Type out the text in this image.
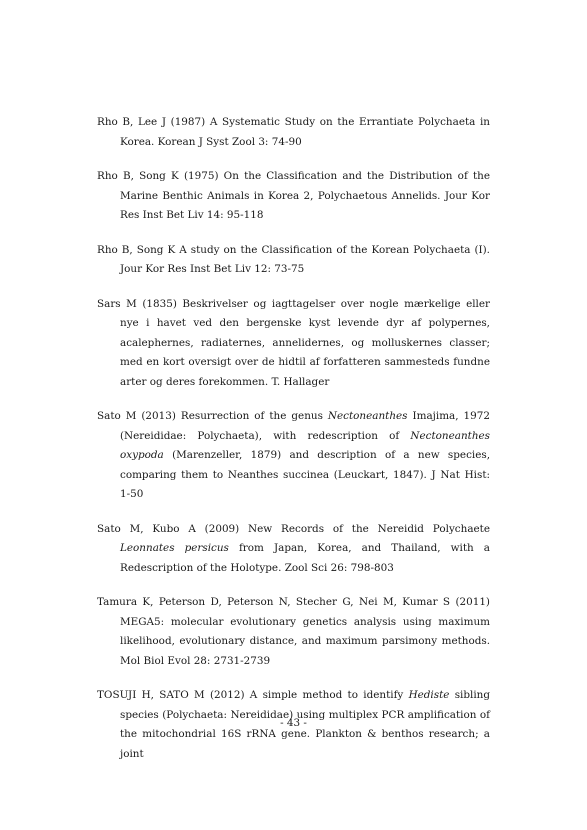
Rho B, Lee J (1987) A Systematic Study on the Errantiate Polychaeta in Korea. Korean J Syst Zool 3: 74-90

Rho B, Song K (1975) On the Classification and the Distribution of the Marine Benthic Animals in Korea 2, Polychaetous Annelids. Jour Kor Res Inst Bet Liv 14: 95-118

Rho B, Song K A study on the Classification of the Korean Polychaeta (I). Jour Kor Res Inst Bet Liv 12: 73-75

Sars M (1835) Beskrivelser og iagttagelser over nogle mærkelige eller nye i havet ved den bergenske kyst levende dyr af polypernes, acalephernes, radiaternes, annelidernes, og molluskernes classer; med en kort oversigt over de hidtil af forfatteren sammesteds fundne arter og deres forekommen. T. Hallager

Sato M (2013) Resurrection of the genus Nectoneanthes Imajima, 1972 (Nereididae: Polychaeta), with redescription of Nectoneanthes oxypoda (Marenzeller, 1879) and description of a new species, comparing them to Neanthes succinea (Leuckart, 1847). J Nat Hist: 1-50

Sato M, Kubo A (2009) New Records of the Nereidid Polychaete Leonnates persicus from Japan, Korea, and Thailand, with a Redescription of the Holotype. Zool Sci 26: 798-803

Tamura K, Peterson D, Peterson N, Stecher G, Nei M, Kumar S (2011) MEGA5: molecular evolutionary genetics analysis using maximum likelihood, evolutionary distance, and maximum parsimony methods. Mol Biol Evol 28: 2731-2739

TOSUJI H, SATO M (2012) A simple method to identify Hediste sibling species (Polychaeta: Nereididae) using multiplex PCR amplification of the mitochondrial 16S rRNA gene. Plankton & benthos research; a joint

- 43 -
